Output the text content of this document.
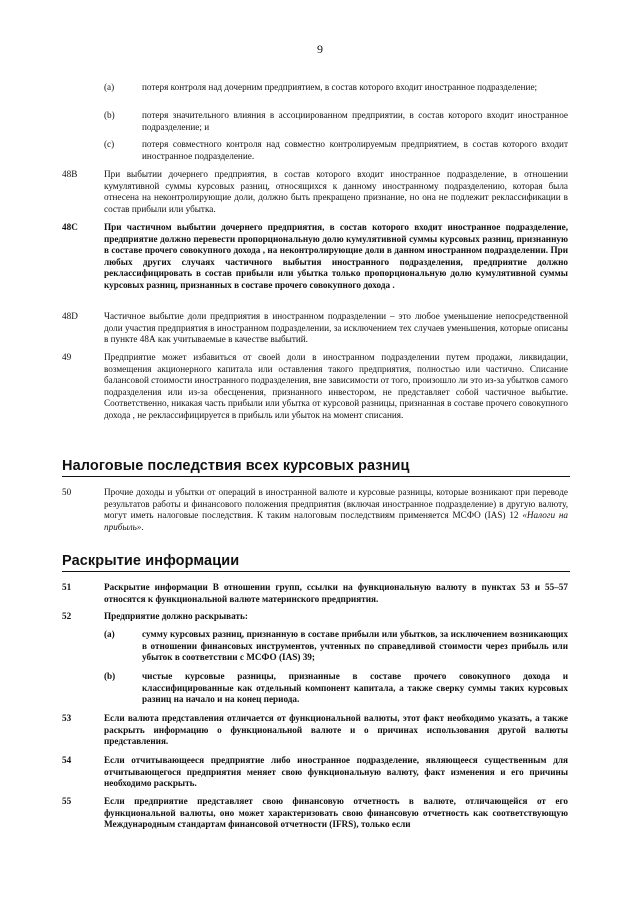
9
(a)	потеря контроля над дочерним предприятием, в состав которого входит иностранное подразделение;
(b)	потеря значительного влияния в ассоциированном предприятии, в состав которого входит иностранное подразделение; и
(c)	потеря совместного контроля над совместно контролируемым предприятием, в состав которого входит иностранное подразделение.
48B	При выбытии дочернего предприятия, в состав которого входит иностранное подразделение, в отношении кумулятивной суммы курсовых разниц, относящихся к данному иностранному подразделению, которая была отнесена на неконтролирующие доли, должно быть прекращено признание, но она не подлежит реклассификации в состав прибыли или убытка.
48C	При частичном выбытии дочернего предприятия, в состав которого входит иностранное подразделение, предприятие должно перевести пропорциональную долю кумулятивной суммы курсовых разниц, признанную в составе прочего совокупного дохода , на неконтролирующие доли в данном иностранном подразделении. При любых других случаях частичного выбытия иностранного подразделения, предприятие должно реклассифицировать в состав прибыли или убытка только пропорциональную долю кумулятивной суммы курсовых разниц, признанных в составе прочего совокупного дохода .
48D	Частичное выбытие доли предприятия в иностранном подразделении – это любое уменьшение непосредственной доли участия предприятия в иностранном подразделении, за исключением тех случаев уменьшения, которые описаны в пункте 48А как учитываемые в качестве выбытий.
49	Предприятие может избавиться от своей доли в иностранном подразделении путем продажи, ликвидации, возмещения акционерного капитала или оставления такого предприятия, полностью или частично. Списание балансовой стоимости иностранного подразделения, вне зависимости от того, произошло ли это из-за убытков самого подразделения или из-за обесценения, признанного инвестором, не представляет собой частичное выбытие. Соответственно, никакая часть прибыли или убытка от курсовой разницы, признанная в составе прочего совокупного дохода , не реклассифицируется в прибыль или убыток на момент списания.
Налоговые последствия всех курсовых разниц
50	Прочие доходы и убытки от операций в иностранной валюте и курсовые разницы, которые возникают при переводе результатов работы и финансового положения предприятия (включая иностранное подразделение) в другую валюту, могут иметь налоговые последствия. К таким налоговым последствиям применяется МСФО (IAS) 12 «Налоги на прибыль».
Раскрытие информации
51	Раскрытие информации В отношении групп, ссылки на функциональную валюту в пунктах 53 и 55–57 относятся к функциональной валюте материнского предприятия.
52	Предприятие должно раскрывать:
(a)	сумму курсовых разниц, признанную в составе прибыли или убытков, за исключением возникающих в отношении финансовых инструментов, учтенных по справедливой стоимости через прибыль или убыток в соответствии с МСФО (IAS) 39;
(b)	чистые курсовые разницы, признанные в составе прочего совокупного дохода и классифицированные как отдельный компонент капитала, а также сверку суммы таких курсовых разниц на начало и на конец периода.
53	Если валюта представления отличается от функциональной валюты, этот факт необходимо указать, а также раскрыть информацию о функциональной валюте и о причинах использования другой валюты представления.
54	Если отчитывающееся предприятие либо иностранное подразделение, являющееся существенным для отчитывающегося предприятия меняет свою функциональную валюту, факт изменения и его причины необходимо раскрыть.
55	Если предприятие представляет свою финансовую отчетность в валюте, отличающейся от его функциональной валюты, оно может характеризовать свою финансовую отчетность как соответствующую Международным стандартам финансовой отчетности (IFRS), только если
